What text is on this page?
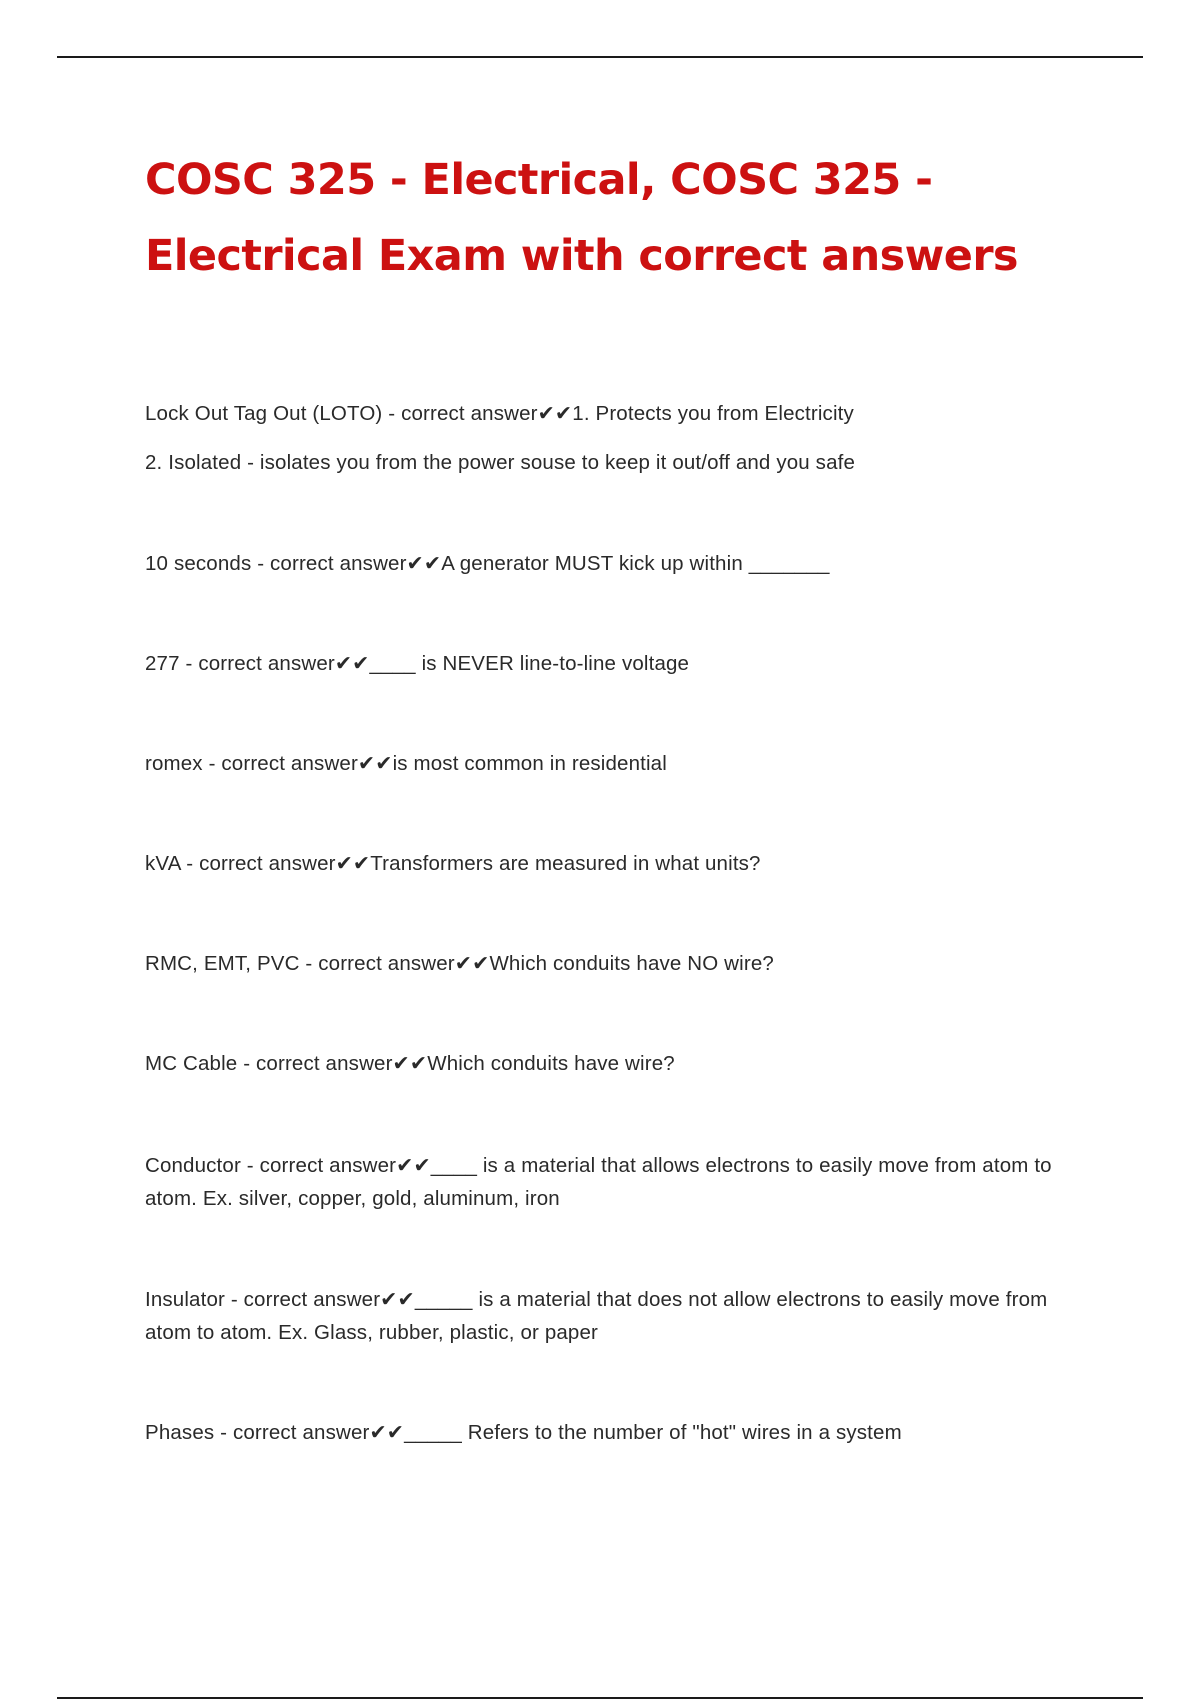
COSC 325 - Electrical, COSC 325 - Electrical Exam with correct answers

Lock Out Tag Out (LOTO) - correct answer✔✔1. Protects you from Electricity

2. Isolated - isolates you from the power souse to keep it out/off and you safe

10 seconds - correct answer✔✔A generator MUST kick up within _______

277 - correct answer✔✔____ is NEVER line-to-line voltage

romex - correct answer✔✔is most common in residential

kVA - correct answer✔✔Transformers are measured in what units?

RMC, EMT, PVC - correct answer✔✔Which conduits have NO wire?

MC Cable - correct answer✔✔Which conduits have wire?

Conductor - correct answer✔✔____ is a material that allows electrons to easily move from atom to atom. Ex. silver, copper, gold, aluminum, iron

Insulator - correct answer✔✔_____ is a material that does not allow electrons to easily move from atom to atom. Ex. Glass, rubber, plastic, or paper

Phases - correct answer✔✔_____ Refers to the number of "hot" wires in a system
